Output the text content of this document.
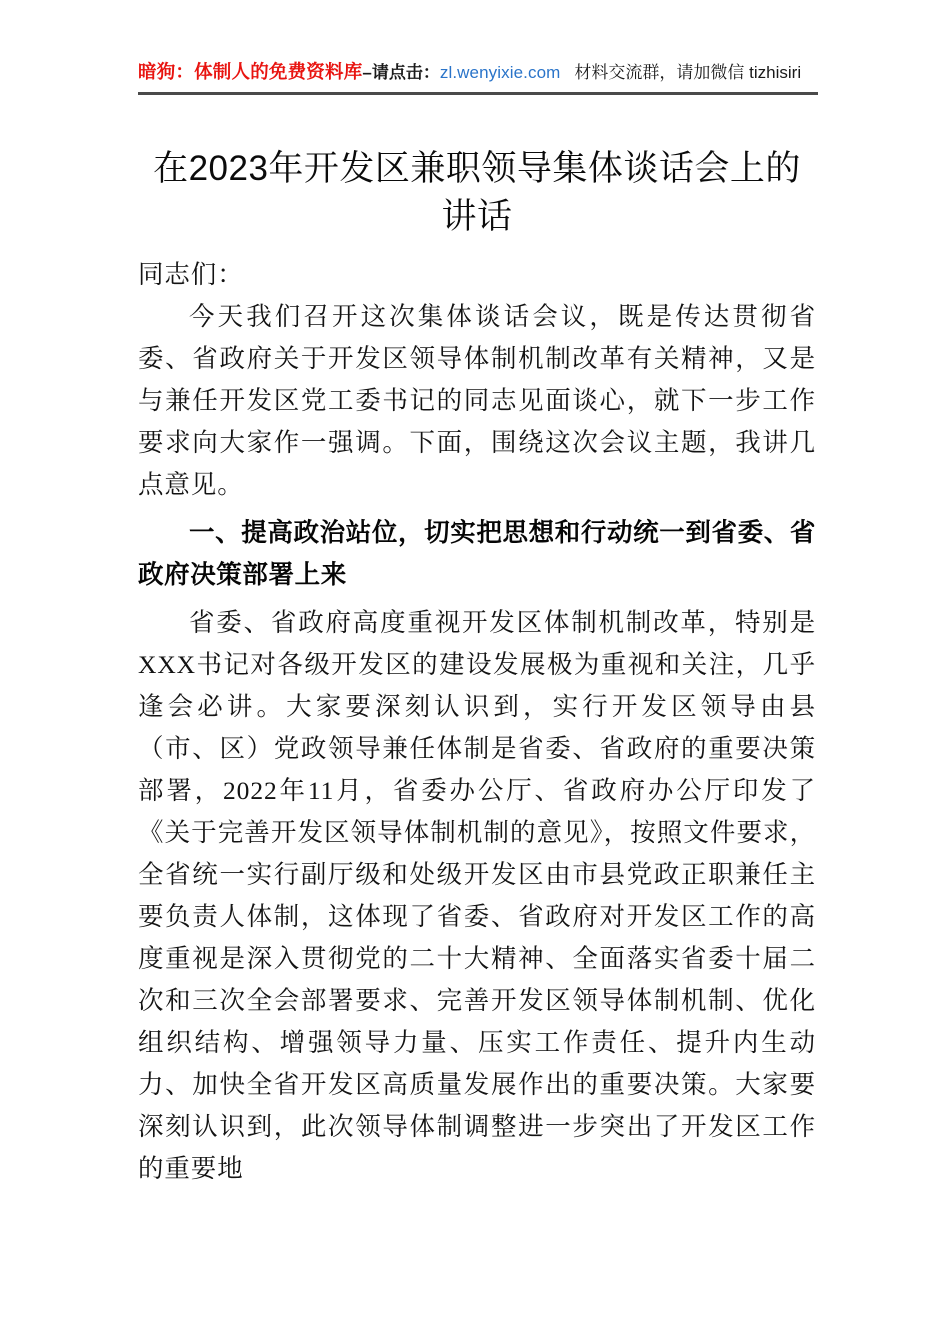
暗狗：体制人的免费资料库–请点击：zl.wenyixie.com 材料交流群，请加微信 tizhisiri
在2023年开发区兼职领导集体谈话会上的讲话

同志们：

今天我们召开这次集体谈话会议，既是传达贯彻省委、省政府关于开发区领导体制机制改革有关精神，又是与兼任开发区党工委书记的同志见面谈心，就下一步工作要求向大家作一强调。下面，围绕这次会议主题，我讲几点意见。

一、提高政治站位，切实把思想和行动统一到省委、省政府决策部署上来

省委、省政府高度重视开发区体制机制改革，特别是XXX书记对各级开发区的建设发展极为重视和关注，几乎逢会必讲。大家要深刻认识到，实行开发区领导由县（市、区）党政领导兼任体制是省委、省政府的重要决策部署，2022年11月，省委办公厅、省政府办公厅印发了《关于完善开发区领导体制机制的意见》，按照文件要求，全省统一实行副厅级和处级开发区由市县党政正职兼任主要负责人体制，这体现了省委、省政府对开发区工作的高度重视是深入贯彻党的二十大精神、全面落实省委十届二次和三次全会部署要求、完善开发区领导体制机制、优化组织结构、增强领导力量、压实工作责任、提升内生动力、加快全省开发区高质量发展作出的重要决策。大家要深刻认识到，此次领导体制调整进一步突出了开发区工作的重要地
